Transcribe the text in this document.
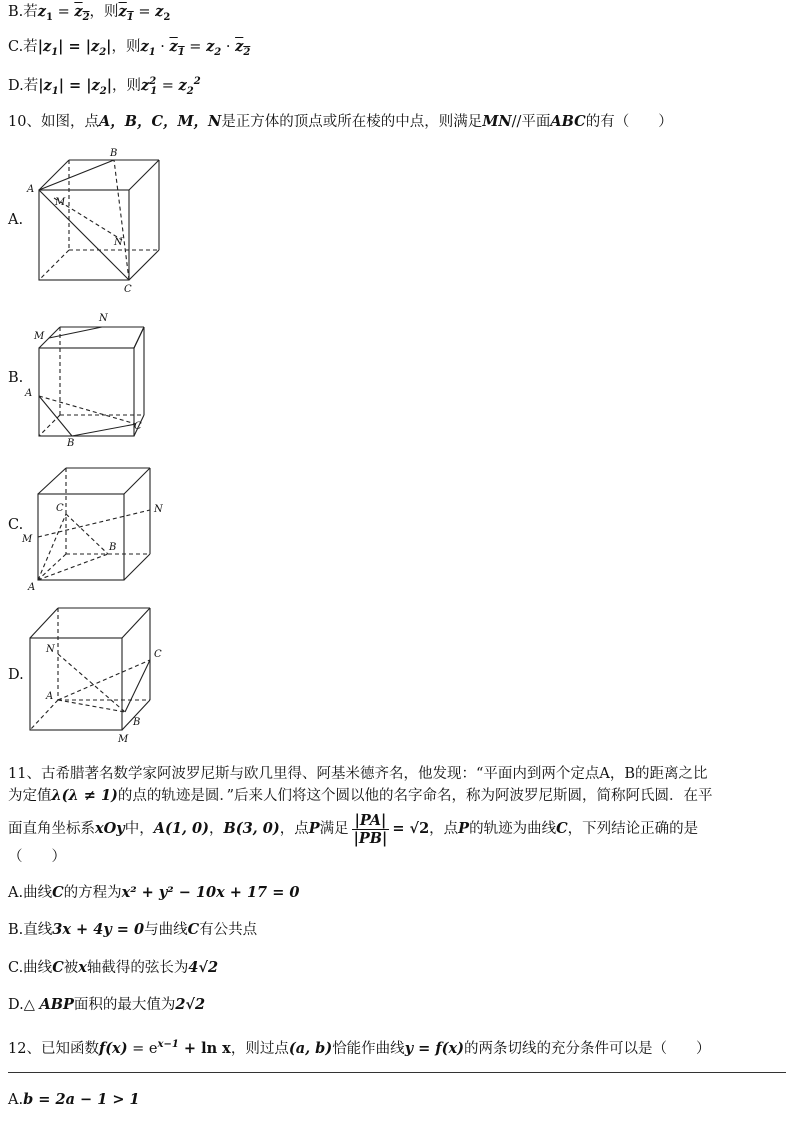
B.若$z_1 = z_2$，则$z_1 = z_2$
C.若$|z_1| = |z_2|$，则$z_1 \cdot z_1 = z_2 \cdot z_2$
D.若$|z_1| = |z_2|$，则$z^2_1 = z_2^2$
10、如图，点A，B，C，M，N是正方体的顶点或所在棱的中点，则满足MN//平面ABC的有（　　）
A.
B.
C.
D.
A
B
C
M
N
M
N
A
B
C
C	N
M
B
A
N	C
A
B
M
11、古希腊著名数学家阿波罗尼斯与欧几里得、阿基米德齐名，他发现：“平面内到两个定点A，B的距离之比
为定值λ(λ ≠ 1)的点的轨迹是圆．”后来人们将这个圆以他的名字命名，称为阿波罗尼斯圆，简称阿氏圆．在平
面直角坐标系xOy中，A(1, 0)，B(3, 0)，点P满足 $\frac{|PA|}{|PB|} = √2$，点P的轨迹为曲线C，下列结论正确的是
（　　）
A.曲线C的方程为x² + y² − 10x + 17 = 0
B.直线3x + 4y = 0与曲线C有公共点
C.曲线C被x轴截得的弦长为4√2
D.△ ABP面积的最大值为2√2
12、已知函数$f(x) = e^{x-1} + \ln x$，则过点(a, b)恰能作曲线y = f(x)的两条切线的充分条件可以是（　　）
A.b = 2a − 1 > 1
